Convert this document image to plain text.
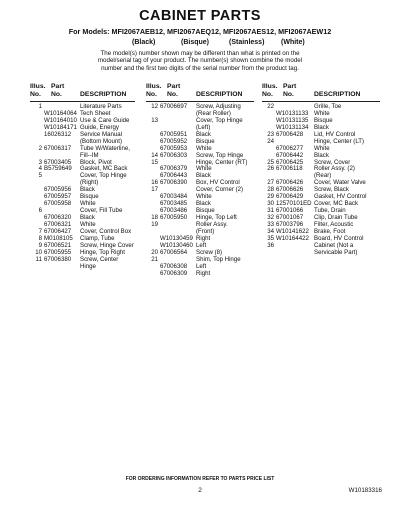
CABINET PARTS
For Models: MFI2067AEB12, MFI2067AEQ12, MFI2067AES12, MFI2067AEW12
(Black)	(Bisque)	(Stainless) (White)
The model(s) number shown may be different than what is printed on the model/serial tag of your product. The number(s) shown combine the model number and the first two digits of the serial number from the product tag.
Illus.
No.
Part
No.	DESCRIPTION
1	Literature Parts
W10164064 Tech Sheet
W10164010 Use & Care Guide
W10184171 Guide, Energy
16026312 Service Manual
(Bottom Mount)
2 67006317 Tube W/Waterline,
Fill--IM
3 67003405 Block, Pivot
4 B5759649 Gasket, MC Back
5	Cover, Top Hinge
(Right)
67005956 Black
67005957 Bisque
67005958 White
6	Cover, Fill Tube
67006320 Black
67006321 White
7 67006427 Cover, Control Box
8 M0108105 Clamp, Tube
9 67006521 Screw, Hinge Cover
10 67005955 Hinge, Top Right
11 67006380 Screw, Center
Hinge
Illus.
No.
Part
No.	DESCRIPTION
12 67006697 Screw, Adjusting
(Rear Roller)
13	Cover, Top Hinge
(Left)
67005951 Black
67005952 Bisque
67005953 White
14 67006303 Screw, Top Hinge
15	Hinge, Center (RT)
67006379 White
67006443 Black
16 67006390 Box, HV Control
17	Cover, Corner (2)
67003484 White
67003485 Black
67003486 Bisque
18 67005950 Hinge, Top Left
19	Roller Assy.
(Front)
W10130459 Right
W10130460 Left
20 67006564 Screw (8)
21	Shim, Top Hinge
67006308 Left
67006309 Right
Illus.
No.
Part
No.	DESCRIPTION
22	Grille, Toe
W10131133 White
W10131135 Bisque
W10131134 Black
23 67006428 Lid, HV Control
24	Hinge, Center (LT)
67006277 White
67006442 Black
25 67006425 Screw, Cover
26 67006118 Roller Assy. (2)
(Rear)
27 67006426 Cover, Water Valve
28 67006626 Screw, Black
29 67006429 Gasket, HV Control
30 12570101ED Cover, MC Back
31 67001066 Tube, Drain
32 67001067 Clip, Drain Tube
33 67003796 Filter, Acoustic
34 W10141622 Brake, Foot
35 W10164422 Board, HV Control
36	Cabinet (Not a
Servicable Part)
FOR ORDERING INFORMATION REFER TO PARTS PRICE LIST
2	W10183316
